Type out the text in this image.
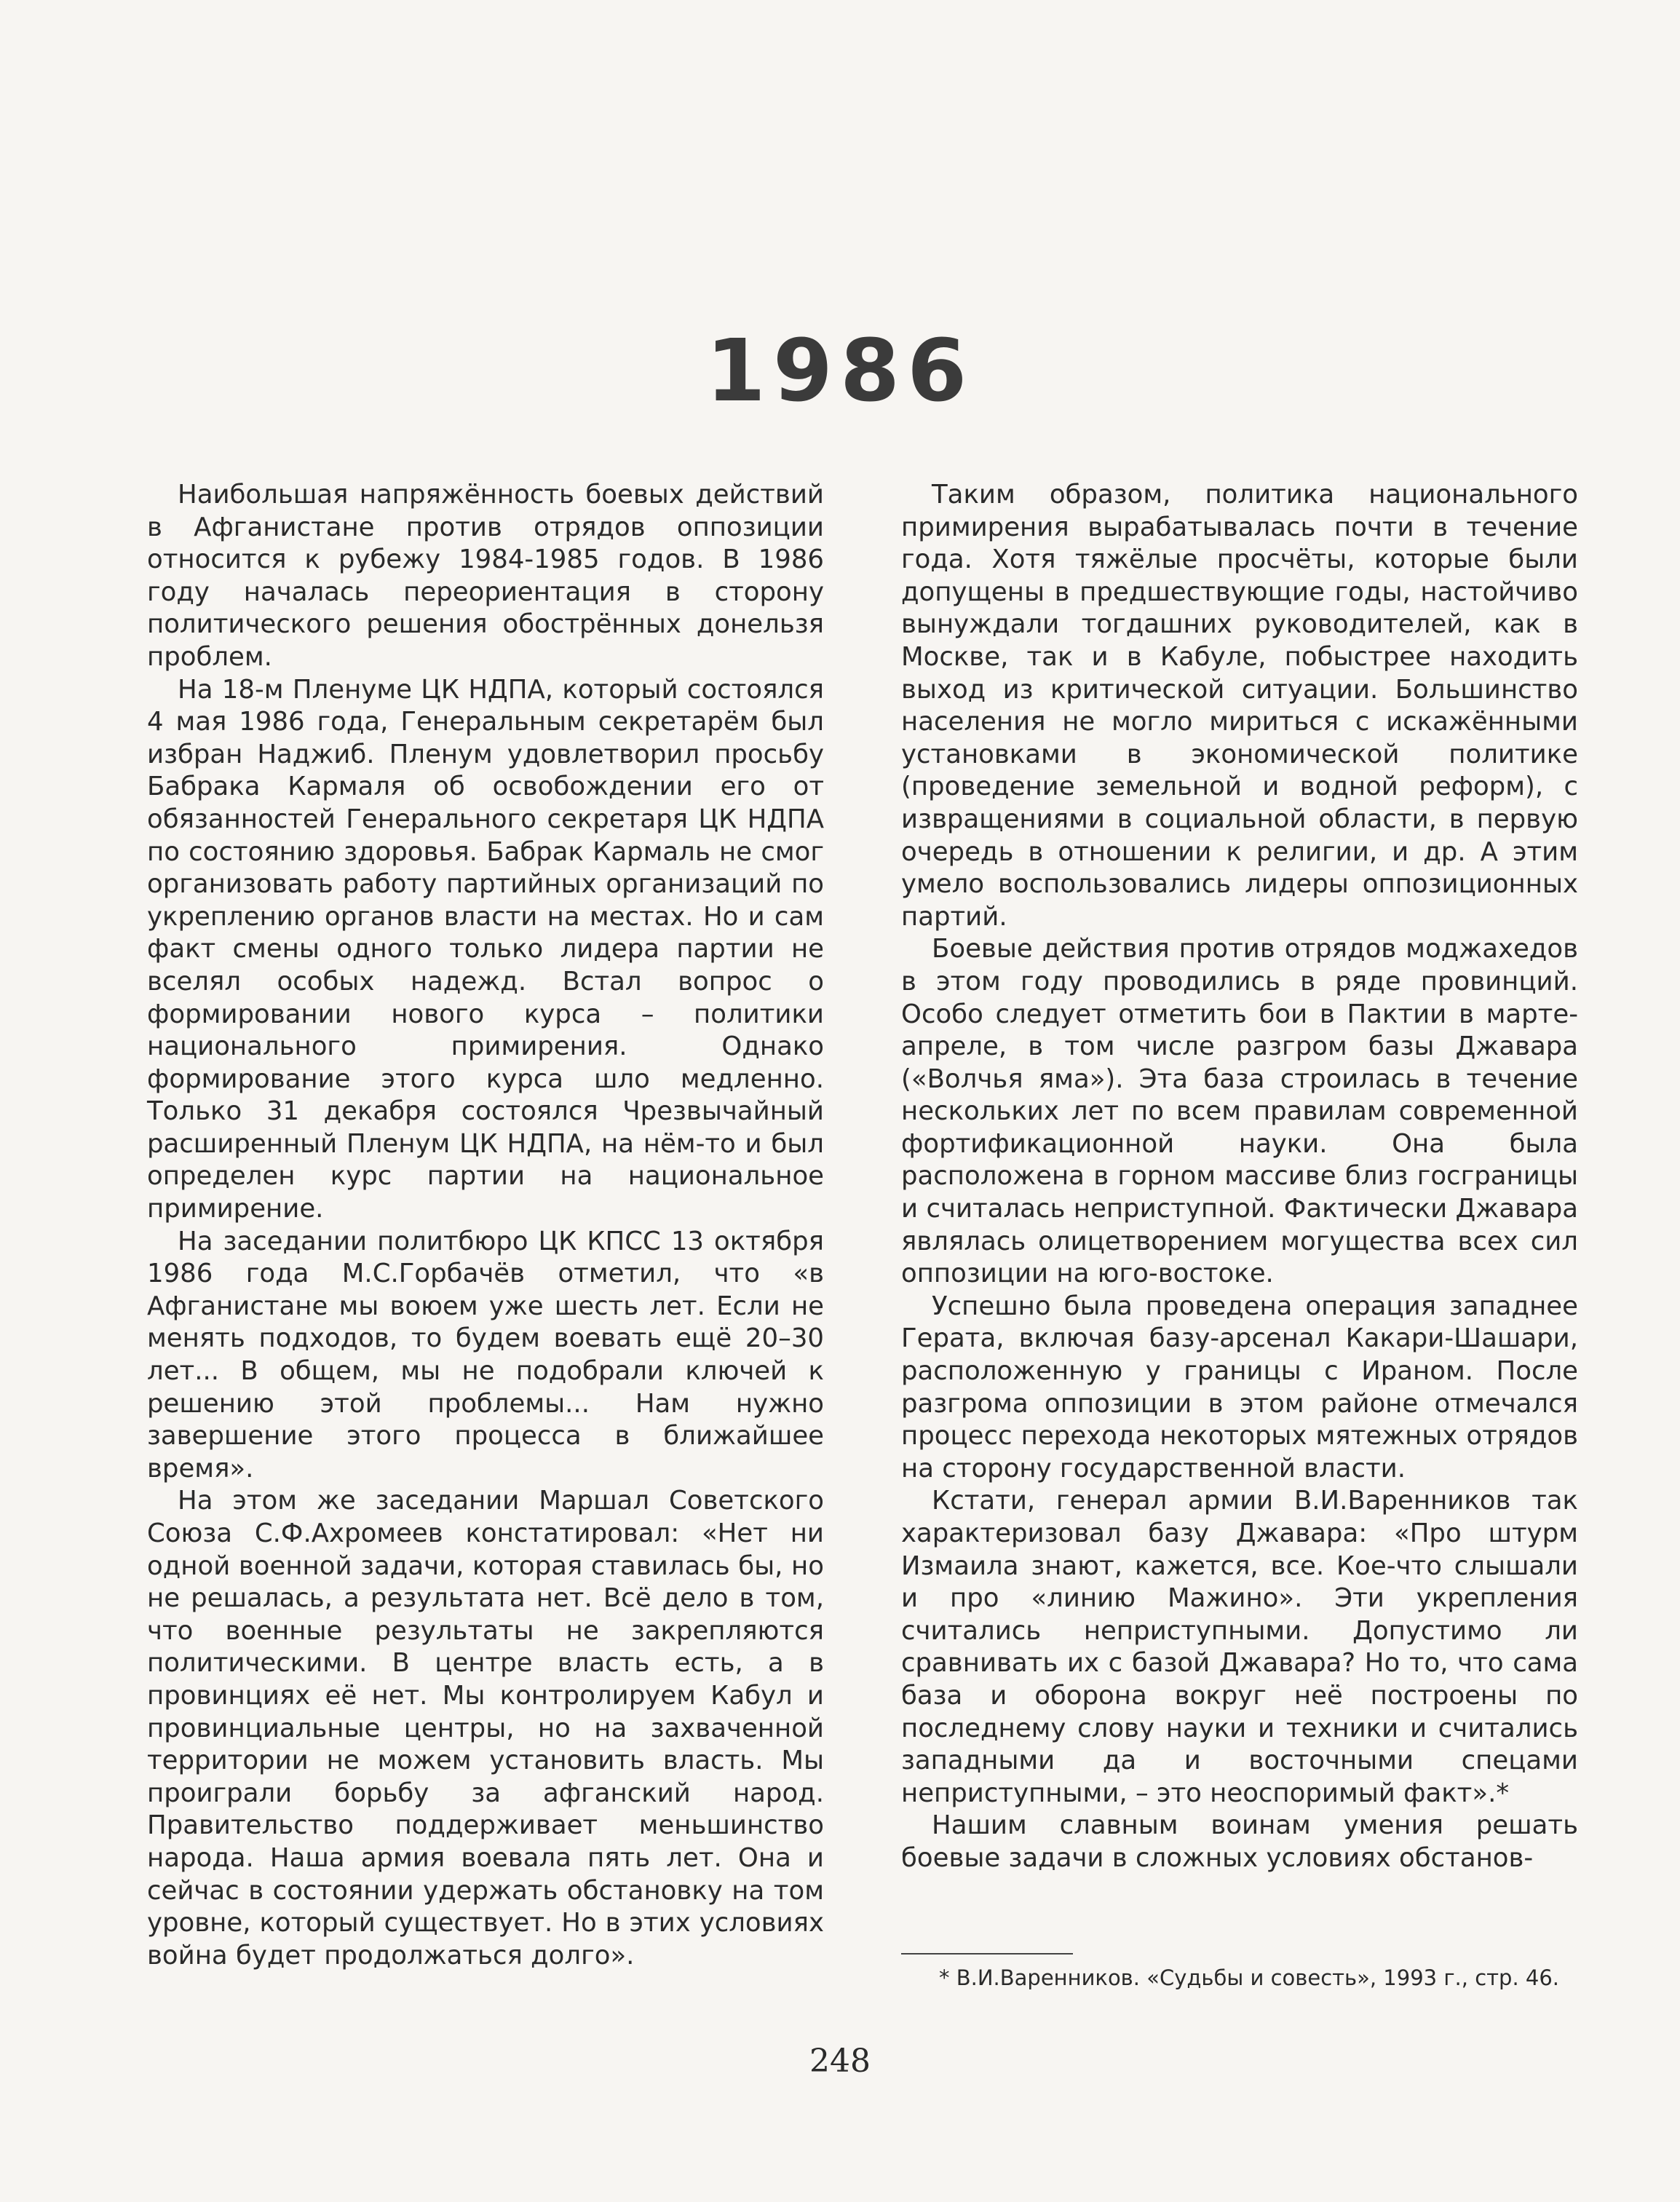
1986

Наибольшая напряжённость боевых действий в Афганистане против отрядов оппозиции относится к рубежу 1984-1985 годов. В 1986 году началась переориентация в сторону политического решения обострённых донельзя проблем.

На 18-м Пленуме ЦК НДПА, который состоялся 4 мая 1986 года, Генеральным секретарём был избран Наджиб. Пленум удовлетворил просьбу Бабрака Кармаля об освобождении его от обязанностей Генерального секретаря ЦК НДПА по состоянию здоровья. Бабрак Кармаль не смог организовать работу партийных организаций по укреплению органов власти на местах. Но и сам факт смены одного только лидера партии не вселял особых надежд. Встал вопрос о формировании нового курса – политики национального примирения. Однако формирование этого курса шло медленно. Только 31 декабря состоялся Чрезвычайный расширенный Пленум ЦК НДПА, на нём-то и был определен курс партии на национальное примирение.

На заседании политбюро ЦК КПСС 13 октября 1986 года М.С.Горбачёв отметил, что «в Афганистане мы воюем уже шесть лет. Если не менять подходов, то будем воевать ещё 20–30 лет... В общем, мы не подобрали ключей к решению этой проблемы... Нам нужно завершение этого процесса в ближайшее время».

На этом же заседании Маршал Советского Союза С.Ф.Ахромеев констатировал: «Нет ни одной военной задачи, которая ставилась бы, но не решалась, а результата нет. Всё дело в том, что военные результаты не закрепляются политическими. В центре власть есть, а в провинциях её нет. Мы контролируем Кабул и провинциальные центры, но на захваченной территории не можем установить власть. Мы проиграли борьбу за афганский народ. Правительство поддерживает меньшинство народа. Наша армия воевала пять лет. Она и сейчас в состоянии удержать обстановку на том уровне, который существует. Но в этих условиях война будет продолжаться долго».

Таким образом, политика национального примирения вырабатывалась почти в течение года. Хотя тяжёлые просчёты, которые были допущены в предшествующие годы, настойчиво вынуждали тогдашних руководителей, как в Москве, так и в Кабуле, побыстрее находить выход из критической ситуации. Большинство населения не могло мириться с искажёнными установками в экономической политике (проведение земельной и водной реформ), с извращениями в социальной области, в первую очередь в отношении к религии, и др. А этим умело воспользовались лидеры оппозиционных партий.

Боевые действия против отрядов моджахедов в этом году проводились в ряде провинций. Особо следует отметить бои в Пактии в марте-апреле, в том числе разгром базы Джавара («Волчья яма»). Эта база строилась в течение нескольких лет по всем правилам современной фортификационной науки. Она была расположена в горном массиве близ госграницы и считалась неприступной. Фактически Джавара являлась олицетворением могущества всех сил оппозиции на юго-востоке.

Успешно была проведена операция западнее Герата, включая базу-арсенал Какари-Шашари, расположенную у границы с Ираном. После разгрома оппозиции в этом районе отмечался процесс перехода некоторых мятежных отрядов на сторону государственной власти.

Кстати, генерал армии В.И.Варенников так характеризовал базу Джавара: «Про штурм Измаила знают, кажется, все. Кое-что слышали и про «линию Мажино». Эти укрепления считались неприступными. Допустимо ли сравнивать их с базой Джавара? Но то, что сама база и оборона вокруг неё построены по последнему слову науки и техники и считались западными да и восточными спецами неприступными, – это неоспоримый факт».*

Нашим славным воинам умения решать боевые задачи в сложных условиях обстанов-

* В.И.Варенников. «Судьбы и совесть», 1993 г., стр. 46.

248
